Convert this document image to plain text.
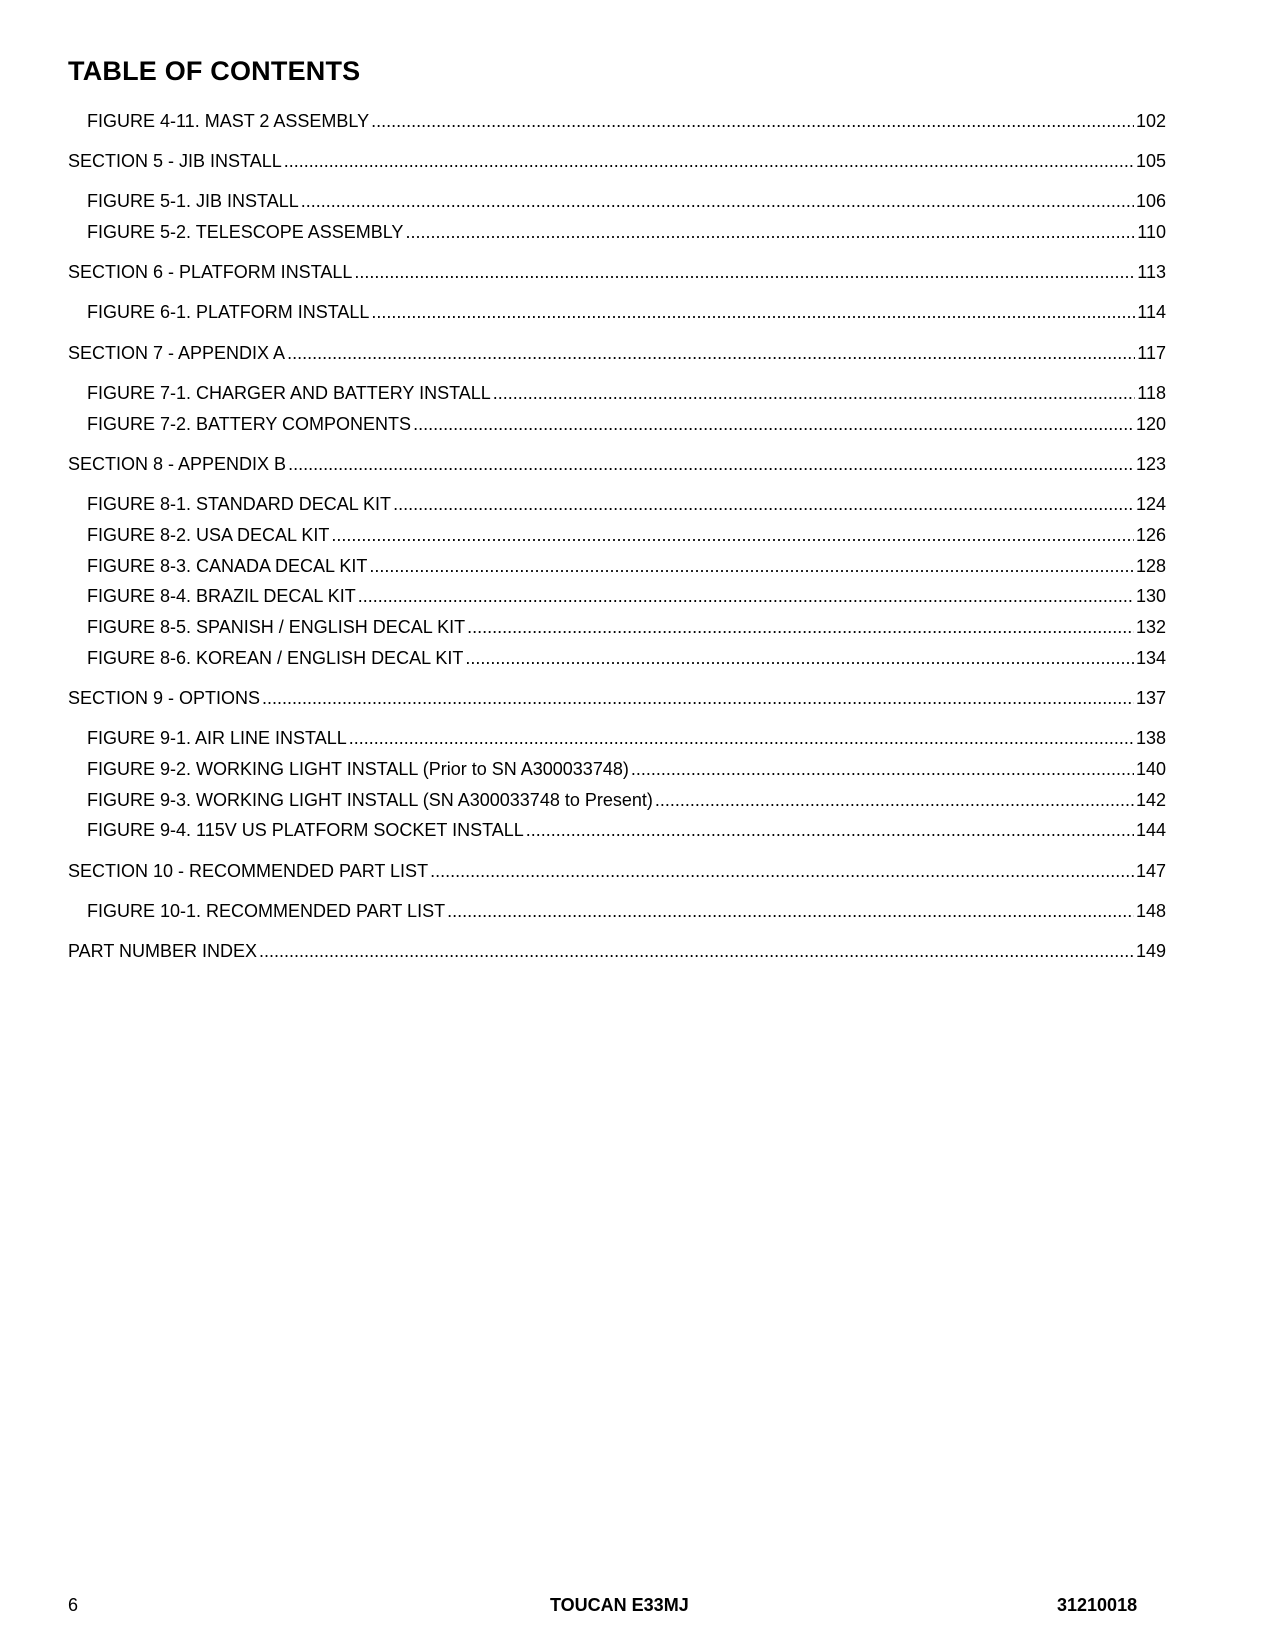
TABLE OF CONTENTS
FIGURE 4-11. MAST 2 ASSEMBLY .....	102
SECTION 5 - JIB INSTALL .....	105
FIGURE 5-1. JIB INSTALL .....	106
FIGURE 5-2. TELESCOPE ASSEMBLY .....	110
SECTION 6 - PLATFORM INSTALL .....	113
FIGURE 6-1. PLATFORM INSTALL .....	114
SECTION 7 - APPENDIX A .....	117
FIGURE 7-1. CHARGER AND BATTERY INSTALL .....	118
FIGURE 7-2. BATTERY COMPONENTS .....	120
SECTION 8 - APPENDIX B .....	123
FIGURE 8-1. STANDARD DECAL KIT .....	124
FIGURE 8-2. USA DECAL KIT .....	126
FIGURE 8-3. CANADA DECAL KIT .....	128
FIGURE 8-4. BRAZIL DECAL KIT .....	130
FIGURE 8-5. SPANISH / ENGLISH DECAL KIT .....	132
FIGURE 8-6. KOREAN / ENGLISH DECAL KIT .....	134
SECTION 9 - OPTIONS .....	137
FIGURE 9-1. AIR LINE INSTALL .....	138
FIGURE 9-2. WORKING LIGHT INSTALL (Prior to SN A300033748) .....	140
FIGURE 9-3. WORKING LIGHT INSTALL (SN A300033748 to Present) .....	142
FIGURE 9-4. 115V US PLATFORM SOCKET INSTALL .....	144
SECTION 10 - RECOMMENDED PART LIST .....	147
FIGURE 10-1. RECOMMENDED PART LIST .....	148
PART NUMBER INDEX .....	149
6	TOUCAN E33MJ	31210018
